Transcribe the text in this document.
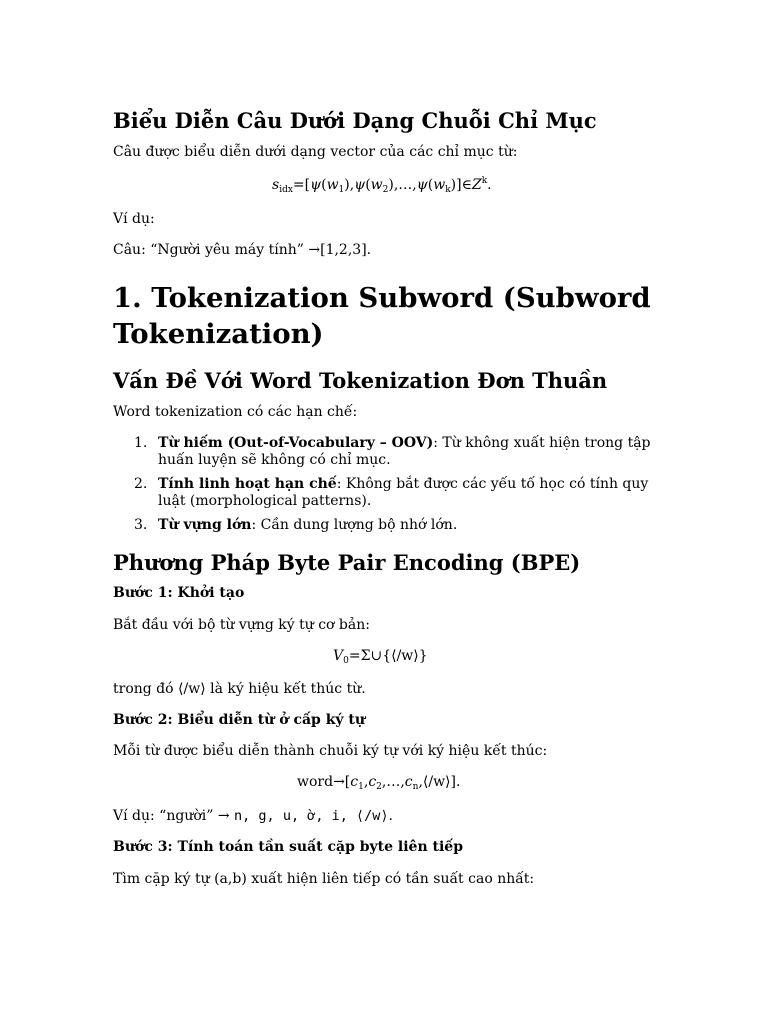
Biểu Diễn Câu Dưới Dạng Chuỗi Chỉ Mục
Câu được biểu diễn dưới dạng vector của các chỉ mục từ:
$s_{idx}=[\psi(w_1),\psi(w_2),\dots,\psi(w_k)]\in Z^k$.
Ví dụ:
Câu: “Người yêu máy tính” →[1,2,3].
1. Tokenization Subword (Subword Tokenization)
Vấn Đề Với Word Tokenization Đơn Thuần
Word tokenization có các hạn chế:
1. Từ hiếm (Out-of-Vocabulary – OOV): Từ không xuất hiện trong tập huấn luyện sẽ không có chỉ mục.
2. Tính linh hoạt hạn chế: Không bắt được các yếu tố học có tính quy luật (morphological patterns).
3. Từ vựng lớn: Cần dung lượng bộ nhớ lớn.
Phương Pháp Byte Pair Encoding (BPE)
Bước 1: Khởi tạo
Bắt đầu với bộ từ vựng ký tự cơ bản:
$V_0=\Sigma\cup\{⟨/w⟩\}$
trong đó ⟨/w⟩ là ký hiệu kết thúc từ.
Bước 2: Biểu diễn từ ở cấp ký tự
Mỗi từ được biểu diễn thành chuỗi ký tự với ký hiệu kết thúc:
$word\to[c_1,c_2,\dots,c_n,⟨/w⟩]$.
Ví dụ: “người” → n, g, u, ờ, i, ⟨/w⟩.
Bước 3: Tính toán tần suất cặp byte liên tiếp
Tìm cặp ký tự (a,b) xuất hiện liên tiếp có tần suất cao nhất:
